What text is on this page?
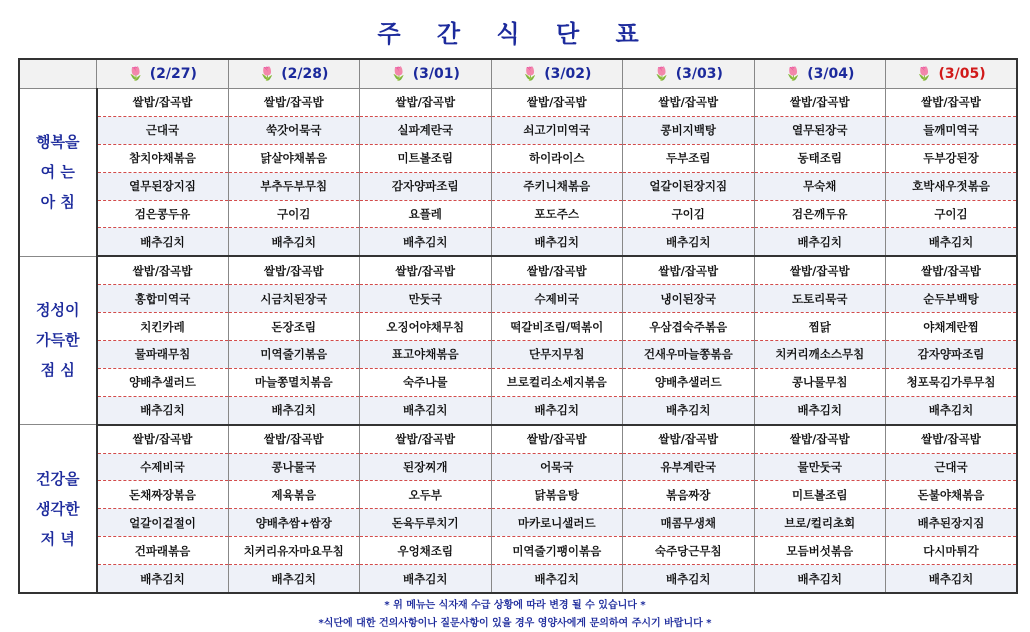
주 간 식 단 표
	🌷 (2/27)	🌷 (2/28)	🌷 (3/01)	🌷 (3/02)	🌷 (3/03)	🌷 (3/04)	🌷 (3/05)

행복을
여 는
아 침	쌀밥/잡곡밥	쌀밥/잡곡밥	쌀밥/잡곡밥	쌀밥/잡곡밥	쌀밥/잡곡밥	쌀밥/잡곡밥	쌀밥/잡곡밥
	근대국	쑥갓어묵국	실파계란국	쇠고기미역국	콩비지백탕	열무된장국	들깨미역국
	참치야채볶음	닭살야채볶음	미트볼조림	하이라이스	두부조림	동태조림	두부강된장
	열무된장지짐	부추두부무침	감자양파조림	주키니채볶음	얼갈이된장지짐	무숙채	호박새우젓볶음
	검은콩두유	구이김	요플레	포도주스	구이김	검은깨두유	구이김
	배추김치	배추김치	배추김치	배추김치	배추김치	배추김치	배추김치

정성이
가득한
점 심	쌀밥/잡곡밥	쌀밥/잡곡밥	쌀밥/잡곡밥	쌀밥/잡곡밥	쌀밥/잡곡밥	쌀밥/잡곡밥	쌀밥/잡곡밥
	홍합미역국	시금치된장국	만둣국	수제비국	냉이된장국	도토리묵국	순두부백탕
	치킨카레	돈장조림	오징어야채무침	떡갈비조림/떡볶이	우삼겹숙주볶음	찜닭	야채계란찜
	물파래무침	미역줄기볶음	표고야채볶음	단무지무침	건새우마늘쫑볶음	치커리깨소스무침	감자양파조림
	양배추샐러드	마늘쫑멸치볶음	숙주나물	브로컬리소세지볶음	양배추샐러드	콩나물무침	청포묵김가루무침
	배추김치	배추김치	배추김치	배추김치	배추김치	배추김치	배추김치

건강을
생각한
저 녁	쌀밥/잡곡밥	쌀밥/잡곡밥	쌀밥/잡곡밥	쌀밥/잡곡밥	쌀밥/잡곡밥	쌀밥/잡곡밥	쌀밥/잡곡밥
	수제비국	콩나물국	된장찌개	어묵국	유부계란국	물만둣국	근대국
	돈채짜장볶음	제육볶음	오두부	닭볶음탕	볶음짜장	미트볼조림	돈불야채볶음
	얼갈이겉절이	양배추쌈+쌈장	돈육두루치기	마카로니샐러드	매콤무생채	브로/컬리초회	배추된장지짐
	건파래볶음	치커리유자마요무침	우엉채조림	미역줄기팽이볶음	숙주당근무침	모듬버섯볶음	다시마튀각
	배추김치	배추김치	배추김치	배추김치	배추김치	배추김치	배추김치
* 위 메뉴는 식자재 수급 상황에 따라 변경 될 수 있습니다 *
*식단에 대한 건의사항이나 질문사항이 있을 경우 영양사에게 문의하여 주시기 바랍니다 *
